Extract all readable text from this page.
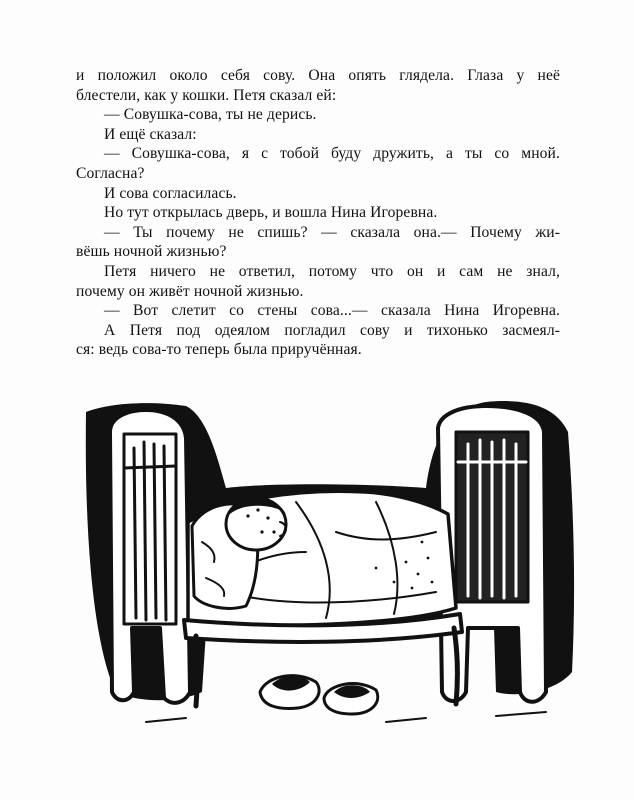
и положил около себя сову. Она опять глядела. Глаза у неё
блестели, как у кошки. Петя сказал ей:
— Совушка-сова, ты не дерись.
И ещё сказал:
— Совушка-сова, я с тобой буду дружить, а ты со мной.
Согласна?
И сова согласилась.
Но тут открылась дверь, и вошла Нина Игоревна.
— Ты почему не спишь? — сказала она.— Почему жи-
вёшь ночной жизнью?
Петя ничего не ответил, потому что он и сам не знал,
почему он живёт ночной жизнью.
— Вот слетит со стены сова...— сказала Нина Игоревна.
А Петя под одеялом погладил сову и тихонько засмеял-
ся: ведь сова-то теперь была приручённая.
